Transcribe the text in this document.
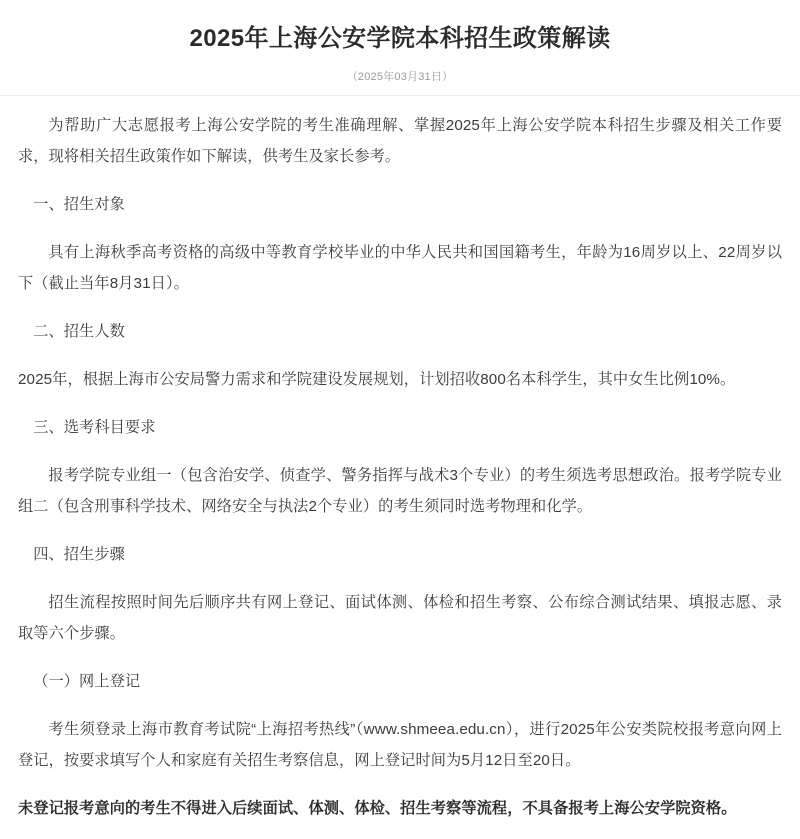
2025年上海公安学院本科招生政策解读
（2025年03月31日）

为帮助广大志愿报考上海公安学院的考生准确理解、掌握2025年上海公安学院本科招生步骤及相关工作要求，现将相关招生政策作如下解读，供考生及家长参考。

一、招生对象

具有上海秋季高考资格的高级中等教育学校毕业的中华人民共和国国籍考生，年龄为16周岁以上、22周岁以下（截止当年8月31日）。

二、招生人数

2025年，根据上海市公安局警力需求和学院建设发展规划，计划招收800名本科学生，其中女生比例10%。

三、选考科目要求

报考学院专业组一（包含治安学、侦查学、警务指挥与战术3个专业）的考生须选考思想政治。报考学院专业组二（包含刑事科学技术、网络安全与执法2个专业）的考生须同时选考物理和化学。

四、招生步骤

招生流程按照时间先后顺序共有网上登记、面试体测、体检和招生考察、公布综合测试结果、填报志愿、录取等六个步骤。

（一）网上登记

考生须登录上海市教育考试院“上海招考热线”（www.shmeea.edu.cn），进行2025年公安类院校报考意向网上登记，按要求填写个人和家庭有关招生考察信息，网上登记时间为5月12日至20日。

未登记报考意向的考生不得进入后续面试、体测、体检、招生考察等流程，不具备报考上海公安学院资格。
